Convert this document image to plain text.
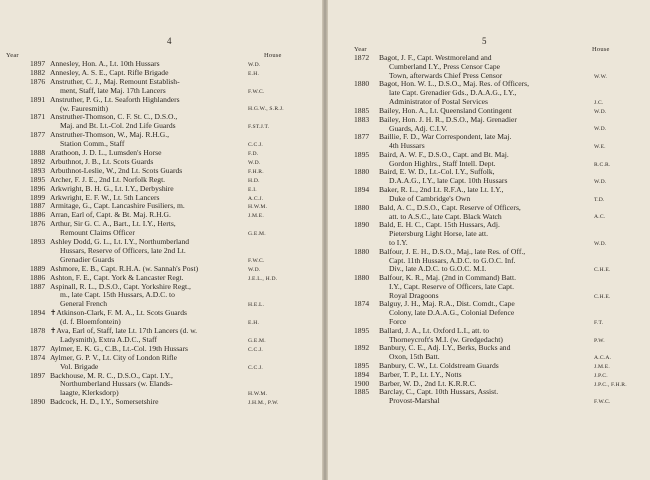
4
Year	House
1897 Annesley, Hon. A., Lt. 10th Hussars	W.D.
1882 Annesley, A. S. E., Capt. Rifle Brigade	E.H.
1876 Anstruther, C. J., Maj. Remount Establish-
ment, Staff, late Maj. 17th Lancers	F.W.C.
1891 Anstruther, P. G., Lt. Seaforth Highlanders
(w. Fauresmith)	H.G.W., S.R.J.
1871 Anstruther-Thomson, C. F. St. C., D.S.O.,
Maj. and Bt. Lt.-Col. 2nd Life Guards	F.ST.J.T.
1877 Anstruther-Thomson, W., Maj. R.H.G.,
Station Comm., Staff	C.C.J.
1888 Arathoon, J. D. L., Lumsden's Horse	F.D.
1892 Arbuthnot, J. B., Lt. Scots Guards	W.D.
1893 Arbuthnot-Leslie, W., 2nd Lt. Scots Guards	F.H.R.
1895 Archer, F. J. E., 2nd Lt. Norfolk Regt.	H.D.
1896 Arkwright, B. H. G., Lt. I.Y., Derbyshire	E.I.
1899 Arkwright, E. F. W., Lt. 5th Lancers	A.C.J.
1887 Armitage, G., Capt. Lancashire Fusiliers, m.	H.W.M.
1886 Arran, Earl of, Capt. & Bt. Maj. R.H.G.	J.M.E.
1876 Arthur, Sir G. C. A., Bart., Lt. I.Y., Herts,
Remount Claims Officer	G.E.M.
1893 Ashley Dodd, G. L., Lt. I.Y., Northumberland
Hussars, Reserve of Officers, late 2nd Lt.
Grenadier Guards	F.W.C.
1889 Ashmore, E. B., Capt. R.H.A. (w. Sannah's Post)	W.D.
1886 Ashton, F. E., Capt. York & Lancaster Regt.	J.E.L., H.D.
1887 Aspinall, R. L., D.S.O., Capt. Yorkshire Regt.,
m., late Capt. 15th Hussars, A.D.C. to
General French	H.E.L.
1894 ✝Atkinson-Clark, F. M. A., Lt. Scots Guards
(d. f. Bloemfontein)	E.H.
1878 ✝Ava, Earl of, Staff, late Lt. 17th Lancers (d. w.
Ladysmith), Extra A.D.C., Staff	G.E.M.
1877 Aylmer, E. K. G., C.B., Lt.-Col. 19th Hussars	C.C.J.
1874 Aylmer, G. P. V., Lt. City of London Rifle
Vol. Brigade	C.C.J.
1897 Backhouse, M. R. C., D.S.O., Capt. I.Y.,
Northumberland Hussars (w. Elands-
laagte, Klerksdorp)	H.W.M.
1890 Badcock, H. D., I.Y., Somersetshire	J.H.M., P.W.
5
Year	House
1872 Bagot, J. F., Capt. Westmoreland and
Cumberland I.Y., Press Censor Cape
Town, afterwards Chief Press Censor	W.W.
1880 Bagot, Hon. W. L., D.S.O., Maj. Res. of Officers,
late Capt. Grenadier Gds., D.A.A.G., I.Y.,
Administrator of Postal Services	J.C.
1885 Bailey, Hon. A., Lt. Queensland Contingent	W.D.
1883 Bailey, Hon. J. H. R., D.S.O., Maj. Grenadier
Guards, Adj. C.I.V.	W.D.
1877 Baillie, F. D., War Correspondent, late Maj.
4th Hussars	W.E.
1895 Baird, A. W. F., D.S.O., Capt. and Bt. Maj.
Gordon Highlrs., Staff Intell. Dept.	R.C.R.
1880 Baird, E. W. D., Lt.-Col. I.Y., Suffolk,
D.A.A.G., I.Y., late Capt. 10th Hussars	W.D.
1894 Baker, R. L., 2nd Lt. R.F.A., late Lt. I.Y.,
Duke of Cambridge's Own	T.D.
1880 Bald, A. C., D.S.O., Capt. Reserve of Officers,
att. to A.S.C., late Capt. Black Watch	A.C.
1890 Bald, E. H. C., Capt. 15th Hussars, Adj.
Pietersburg Light Horse, late att.
to I.Y.	W.D.
1880 Balfour, J. E. H., D.S.O., Maj., late Res. of Off.,
Capt. 11th Hussars, A.D.C. to G.O.C. Inf.
Div., late A.D.C. to G.O.C. M.I.	C.H.E.
1880 Balfour, K. R., Maj. (2nd in Command) Batt.
I.Y., Capt. Reserve of Officers, late Capt.
Royal Dragoons	C.H.E.
1874 Balguy, J. H., Maj. R.A., Dist. Comdt., Cape
Colony, late D.A.A.G., Colonial Defence
Force	F.T.
1895 Ballard, J. A., Lt. Oxford L.I., att. to
Thorneycroft's M.I. (w. Gredgedacht)	P.W.
1892 Banbury, C. E., Adj. I.Y., Berks, Bucks and
Oxon, 15th Batt.	A.C.A.
1895 Banbury, C. W., Lt. Coldstream Guards	J.M.E.
1894 Barber, T. P., Lt. I.Y., Notts	J.P.C.
1900 Barber, W. D., 2nd Lt. K.R.R.C.	J.P.C., F.H.R.
1885 Barclay, C., Capt. 10th Hussars, Assist.
Provost-Marshal	F.W.C.
